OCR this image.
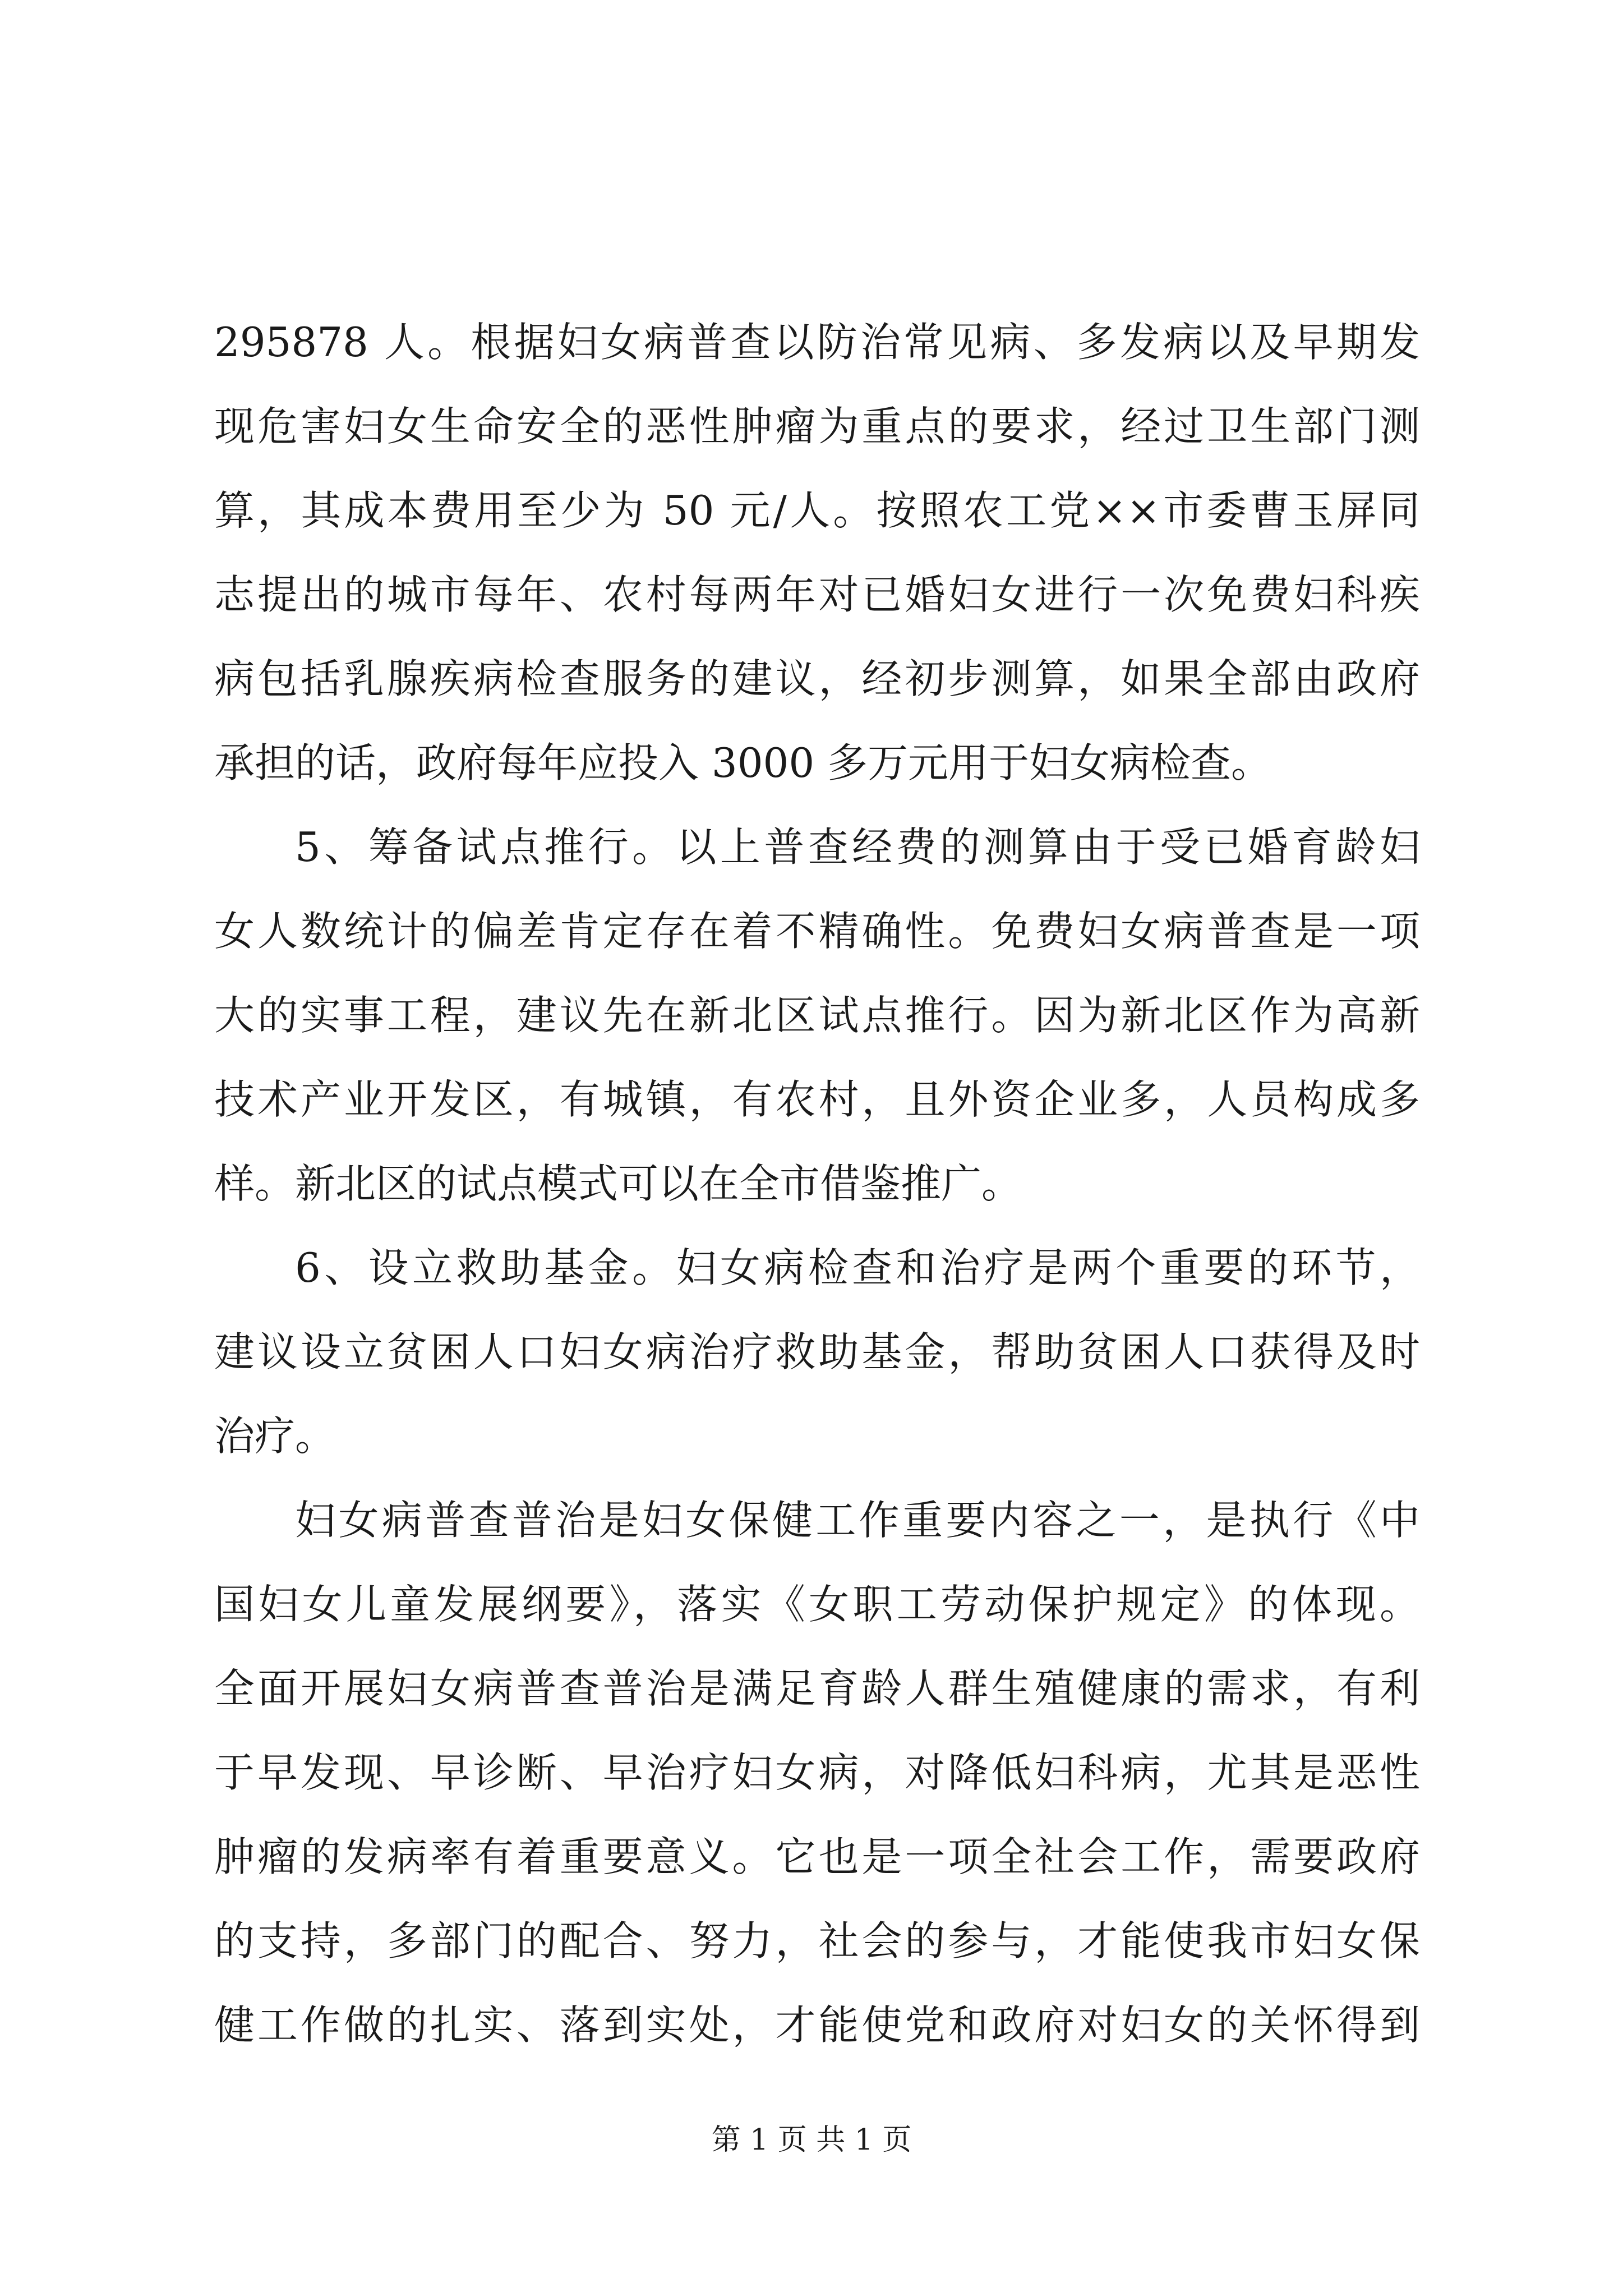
295878 人。根据妇女病普查以防治常见病、多发病以及早期发
现危害妇女生命安全的恶性肿瘤为重点的要求，经过卫生部门测
算，其成本费用至少为 50 元/人。按照农工党××市委曹玉屏同
志提出的城市每年、农村每两年对已婚妇女进行一次免费妇科疾
病包括乳腺疾病检查服务的建议，经初步测算，如果全部由政府
承担的话，政府每年应投入 3000 多万元用于妇女病检查。
5、筹备试点推行。以上普查经费的测算由于受已婚育龄妇
女人数统计的偏差肯定存在着不精确性。免费妇女病普查是一项
大的实事工程，建议先在新北区试点推行。因为新北区作为高新
技术产业开发区，有城镇，有农村，且外资企业多，人员构成多
样。新北区的试点模式可以在全市借鉴推广。
6、设立救助基金。妇女病检查和治疗是两个重要的环节，
建议设立贫困人口妇女病治疗救助基金，帮助贫困人口获得及时
治疗。
妇女病普查普治是妇女保健工作重要内容之一，是执行《中
国妇女儿童发展纲要》，落实《女职工劳动保护规定》的体现。
全面开展妇女病普查普治是满足育龄人群生殖健康的需求，有利
于早发现、早诊断、早治疗妇女病，对降低妇科病，尤其是恶性
肿瘤的发病率有着重要意义。它也是一项全社会工作，需要政府
的支持，多部门的配合、努力，社会的参与，才能使我市妇女保
健工作做的扎实、落到实处，才能使党和政府对妇女的关怀得到
第 1 页 共 1 页
